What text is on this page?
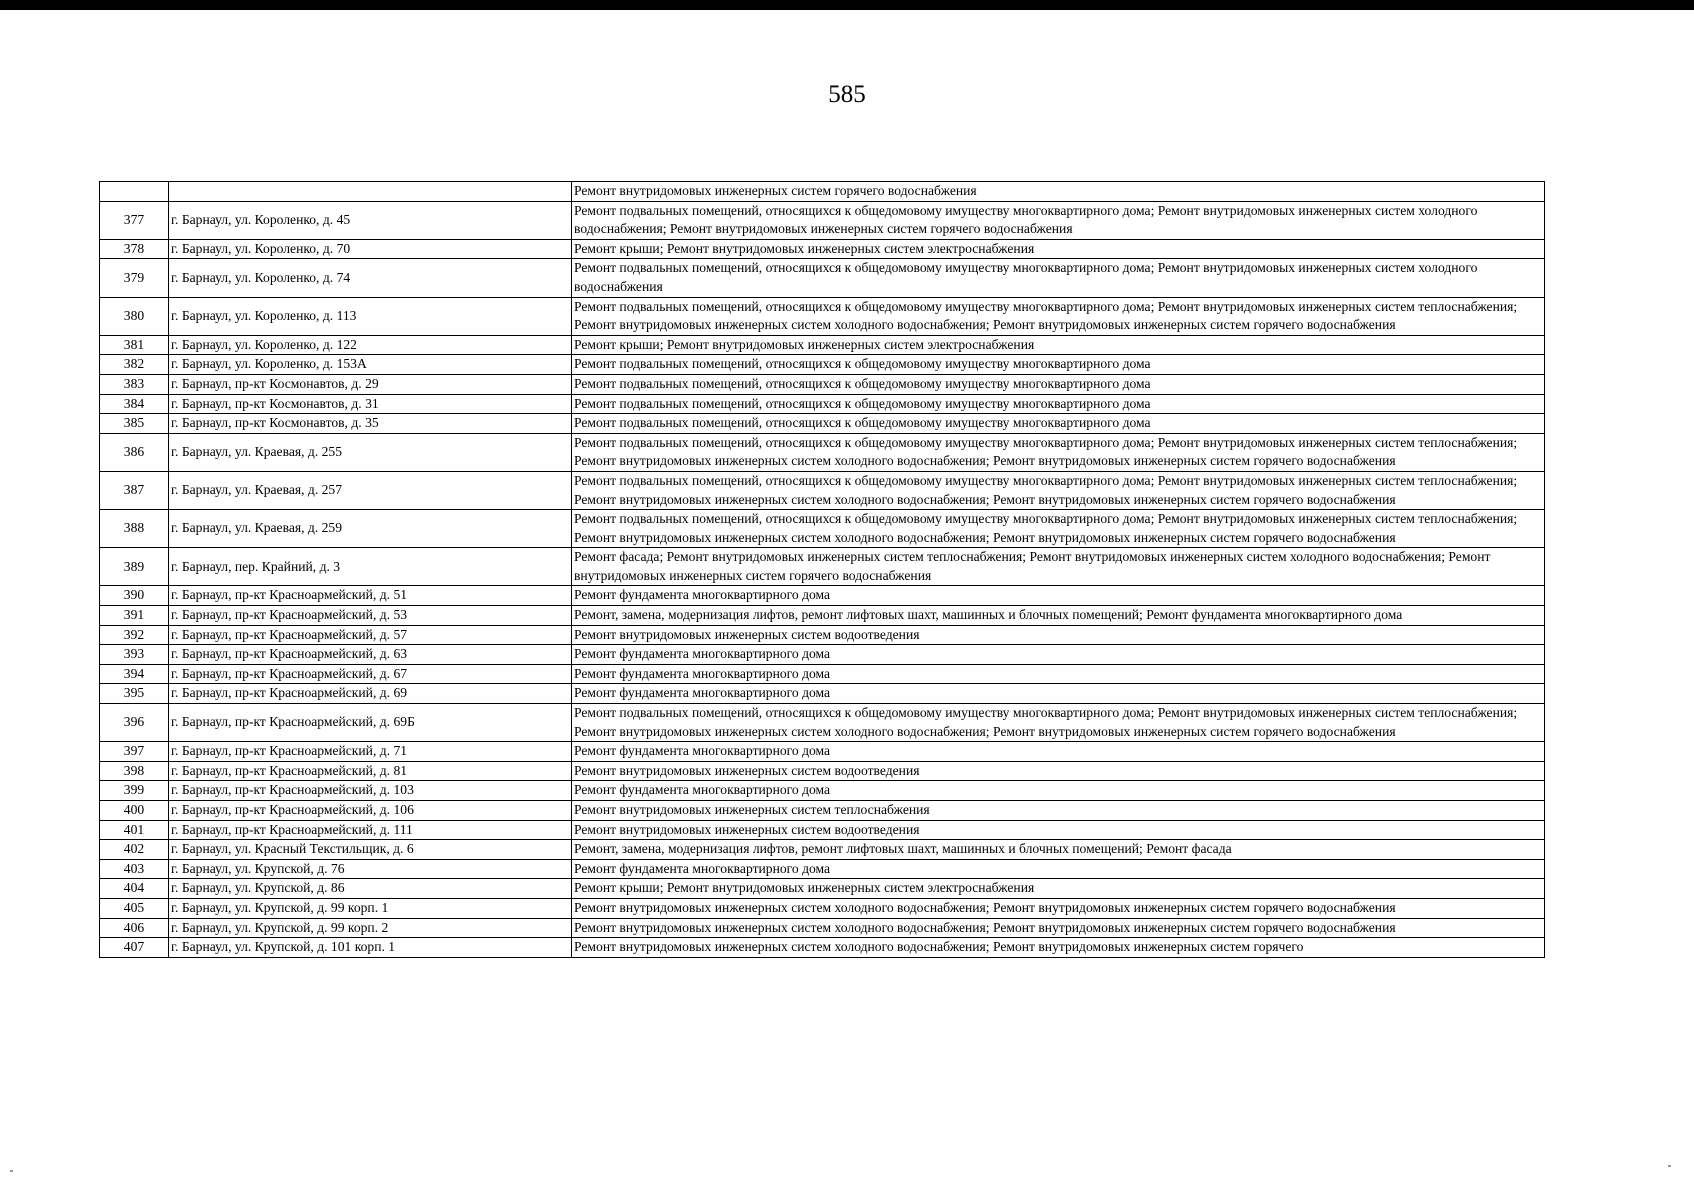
585
		Ремонт внутридомовых инженерных систем горячего водоснабжения
377	г. Барнаул, ул. Короленко, д. 45	Ремонт подвальных помещений, относящихся к общедомовому имуществу многоквартирного дома; Ремонт внутридомовых инженерных систем холодного водоснабжения; Ремонт внутридомовых инженерных систем горячего водоснабжения
378	г. Барнаул, ул. Короленко, д. 70	Ремонт крыши; Ремонт внутридомовых инженерных систем электроснабжения
379	г. Барнаул, ул. Короленко, д. 74	Ремонт подвальных помещений, относящихся к общедомовому имуществу многоквартирного дома; Ремонт внутридомовых инженерных систем холодного водоснабжения
380	г. Барнаул, ул. Короленко, д. 113	Ремонт подвальных помещений, относящихся к общедомовому имуществу многоквартирного дома; Ремонт внутридомовых инженерных систем теплоснабжения; Ремонт внутридомовых инженерных систем холодного водоснабжения; Ремонт внутридомовых инженерных систем горячего водоснабжения
381	г. Барнаул, ул. Короленко, д. 122	Ремонт крыши; Ремонт внутридомовых инженерных систем электроснабжения
382	г. Барнаул, ул. Короленко, д. 153А	Ремонт подвальных помещений, относящихся к общедомовому имуществу многоквартирного дома
383	г. Барнаул, пр-кт Космонавтов, д. 29	Ремонт подвальных помещений, относящихся к общедомовому имуществу многоквартирного дома
384	г. Барнаул, пр-кт Космонавтов, д. 31	Ремонт подвальных помещений, относящихся к общедомовому имуществу многоквартирного дома
385	г. Барнаул, пр-кт Космонавтов, д. 35	Ремонт подвальных помещений, относящихся к общедомовому имуществу многоквартирного дома
386	г. Барнаул, ул. Краевая, д. 255	Ремонт подвальных помещений, относящихся к общедомовому имуществу многоквартирного дома; Ремонт внутридомовых инженерных систем теплоснабжения; Ремонт внутридомовых инженерных систем холодного водоснабжения; Ремонт внутридомовых инженерных систем горячего водоснабжения
387	г. Барнаул, ул. Краевая, д. 257	Ремонт подвальных помещений, относящихся к общедомовому имуществу многоквартирного дома; Ремонт внутридомовых инженерных систем теплоснабжения; Ремонт внутридомовых инженерных систем холодного водоснабжения; Ремонт внутридомовых инженерных систем горячего водоснабжения
388	г. Барнаул, ул. Краевая, д. 259	Ремонт подвальных помещений, относящихся к общедомовому имуществу многоквартирного дома; Ремонт внутридомовых инженерных систем теплоснабжения; Ремонт внутридомовых инженерных систем холодного водоснабжения; Ремонт внутридомовых инженерных систем горячего водоснабжения
389	г. Барнаул, пер. Крайний, д. 3	Ремонт фасада; Ремонт внутридомовых инженерных систем теплоснабжения; Ремонт внутридомовых инженерных систем холодного водоснабжения; Ремонт внутридомовых инженерных систем горячего водоснабжения
390	г. Барнаул, пр-кт Красноармейский, д. 51	Ремонт фундамента многоквартирного дома
391	г. Барнаул, пр-кт Красноармейский, д. 53	Ремонт, замена, модернизация лифтов, ремонт лифтовых шахт, машинных и блочных помещений; Ремонт фундамента многоквартирного дома
392	г. Барнаул, пр-кт Красноармейский, д. 57	Ремонт внутридомовых инженерных систем водоотведения
393	г. Барнаул, пр-кт Красноармейский, д. 63	Ремонт фундамента многоквартирного дома
394	г. Барнаул, пр-кт Красноармейский, д. 67	Ремонт фундамента многоквартирного дома
395	г. Барнаул, пр-кт Красноармейский, д. 69	Ремонт фундамента многоквартирного дома
396	г. Барнаул, пр-кт Красноармейский, д. 69Б	Ремонт подвальных помещений, относящихся к общедомовому имуществу многоквартирного дома; Ремонт внутридомовых инженерных систем теплоснабжения; Ремонт внутридомовых инженерных систем холодного водоснабжения; Ремонт внутридомовых инженерных систем горячего водоснабжения
397	г. Барнаул, пр-кт Красноармейский, д. 71	Ремонт фундамента многоквартирного дома
398	г. Барнаул, пр-кт Красноармейский, д. 81	Ремонт внутридомовых инженерных систем водоотведения
399	г. Барнаул, пр-кт Красноармейский, д. 103	Ремонт фундамента многоквартирного дома
400	г. Барнаул, пр-кт Красноармейский, д. 106	Ремонт внутридомовых инженерных систем теплоснабжения
401	г. Барнаул, пр-кт Красноармейский, д. 111	Ремонт внутридомовых инженерных систем водоотведения
402	г. Барнаул, ул. Красный Текстильщик, д. 6	Ремонт, замена, модернизация лифтов, ремонт лифтовых шахт, машинных и блочных помещений; Ремонт фасада
403	г. Барнаул, ул. Крупской, д. 76	Ремонт фундамента многоквартирного дома
404	г. Барнаул, ул. Крупской, д. 86	Ремонт крыши; Ремонт внутридомовых инженерных систем электроснабжения
405	г. Барнаул, ул. Крупской, д. 99 корп. 1	Ремонт внутридомовых инженерных систем холодного водоснабжения; Ремонт внутридомовых инженерных систем горячего водоснабжения
406	г. Барнаул, ул. Крупской, д. 99 корп. 2	Ремонт внутридомовых инженерных систем холодного водоснабжения; Ремонт внутридомовых инженерных систем горячего водоснабжения
407	г. Барнаул, ул. Крупской, д. 101 корп. 1	Ремонт внутридомовых инженерных систем холодного водоснабжения; Ремонт внутридомовых инженерных систем горячего
